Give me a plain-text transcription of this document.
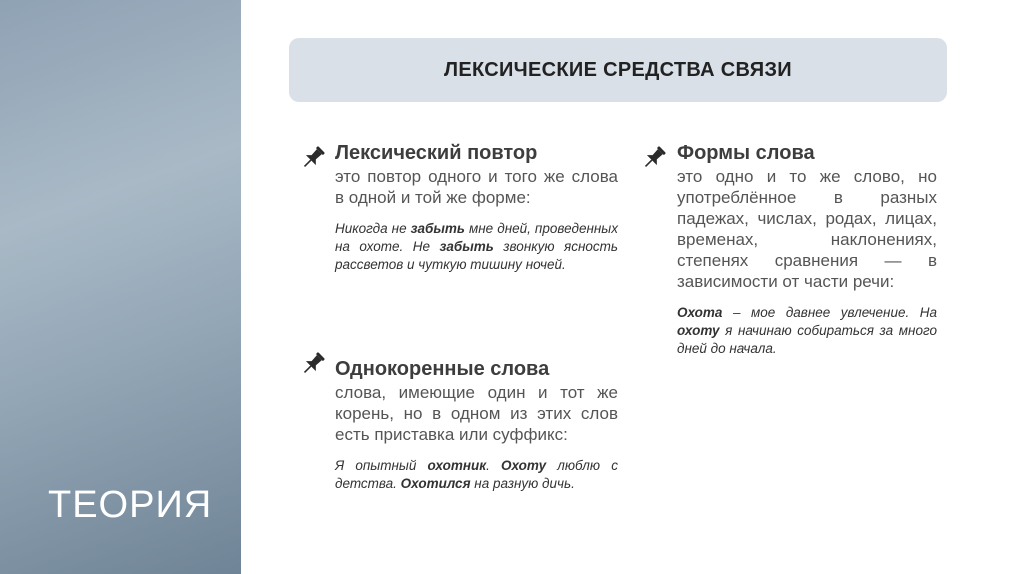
ТЕОРИЯ
ЛЕКСИЧЕСКИЕ СРЕДСТВА СВЯЗИ
Лексический повтор
это повтор одного и того же слова в одной и той же форме:
Никогда не забыть мне дней, проведенных на охоте. Не забыть звонкую ясность рассветов и чуткую тишину ночей.
Однокоренные слова
слова, имеющие один и тот же корень, но в одном из этих слов есть приставка или суффикс:
Я опытный охотник. Охоту люблю с детства. Охотился на разную дичь.
Формы слова
это одно и то же слово, но употреблённое в разных падежах, числах, родах, лицах, временах, наклонениях, степенях сравнения — в зависимости от части речи:
Охота – мое давнее увлечение. На охоту я начинаю собираться за много дней до начала.
